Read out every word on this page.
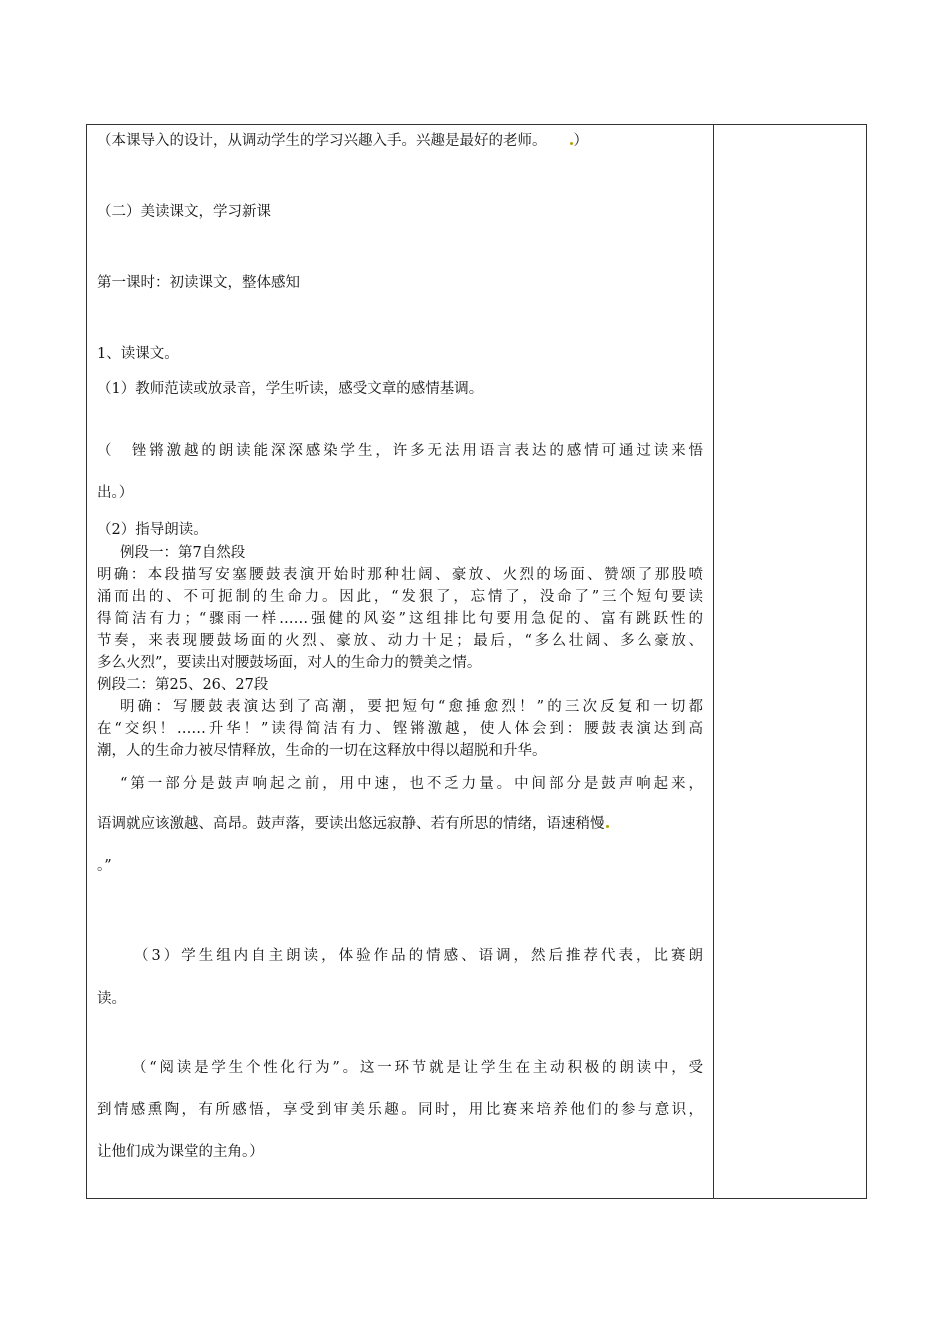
（本课导入的设计，从调动学生的学习兴趣入手。兴趣是最好的老师。 ）
（二）美读课文，学习新课
第一课时：初读课文，整体感知
1、读课文。
（1）教师范读或放录音，学生听读，感受文章的感情基调。
（　锉锵激越的朗读能深深感染学生，许多无法用语言表达的感情可通过读来悟
出。）
（2）指导朗读。
例段一：第7自然段
明确：本段描写安塞腰鼓表演开始时那种壮阔、豪放、火烈的场面、赞颂了那股喷
涌而出的、不可扼制的生命力。因此，“发狠了，忘情了，没命了”三个短句要读
得简洁有力；“骤雨一样……强健的风姿”这组排比句要用急促的、富有跳跃性的
节奏，来表现腰鼓场面的火烈、豪放、动力十足；最后，“多么壮阔、多么豪放、
多么火烈”，要读出对腰鼓场面，对人的生命力的赞美之情。
例段二：第25、26、27段
明确：写腰鼓表演达到了高潮，要把短句“愈捶愈烈！”的三次反复和一切都
在“交织！……升华！”读得简洁有力、铿锵激越，使人体会到：腰鼓表演达到高
潮，人的生命力被尽情释放，生命的一切在这释放中得以超脱和升华。
“第一部分是鼓声响起之前，用中速，也不乏力量。中间部分是鼓声响起来，
语调就应该激越、高昂。鼓声落，要读出悠远寂静、若有所思的情绪，语速稍慢
。”
（3）学生组内自主朗读，体验作品的情感、语调，然后推荐代表，比赛朗
读。
（“阅读是学生个性化行为”。这一环节就是让学生在主动积极的朗读中，受
到情感熏陶，有所感悟，享受到审美乐趣。同时，用比赛来培养他们的参与意识，
让他们成为课堂的主角。）
